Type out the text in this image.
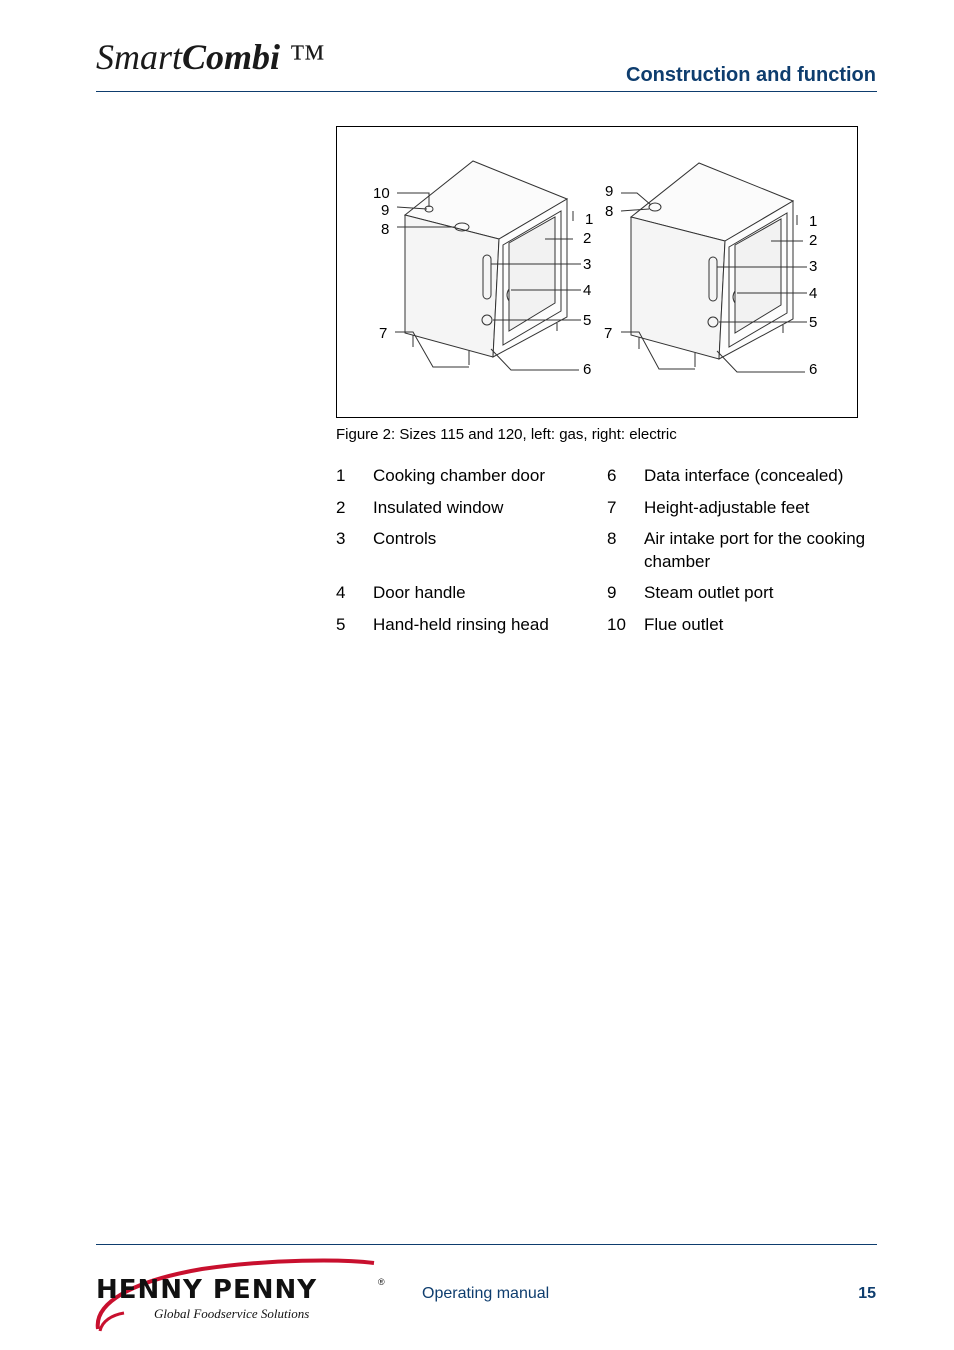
SmartCombi ™	Construction and function
10
9
8
1
2
3
4
5
7
6
9
8
1
2
3
4
5
7
6
Figure 2: Sizes 115 and 120, left: gas, right: electric
1 Cooking chamber door
2 Insulated window
3 Controls
4 Door handle
5 Hand-held rinsing head
6 Data interface (concealed)
7 Height-adjustable feet
8 Air intake port for the cooking chamber
9 Steam outlet port
10 Flue outlet
HENNY PENNY	®
Global Foodservice Solutions
Operating manual	15
